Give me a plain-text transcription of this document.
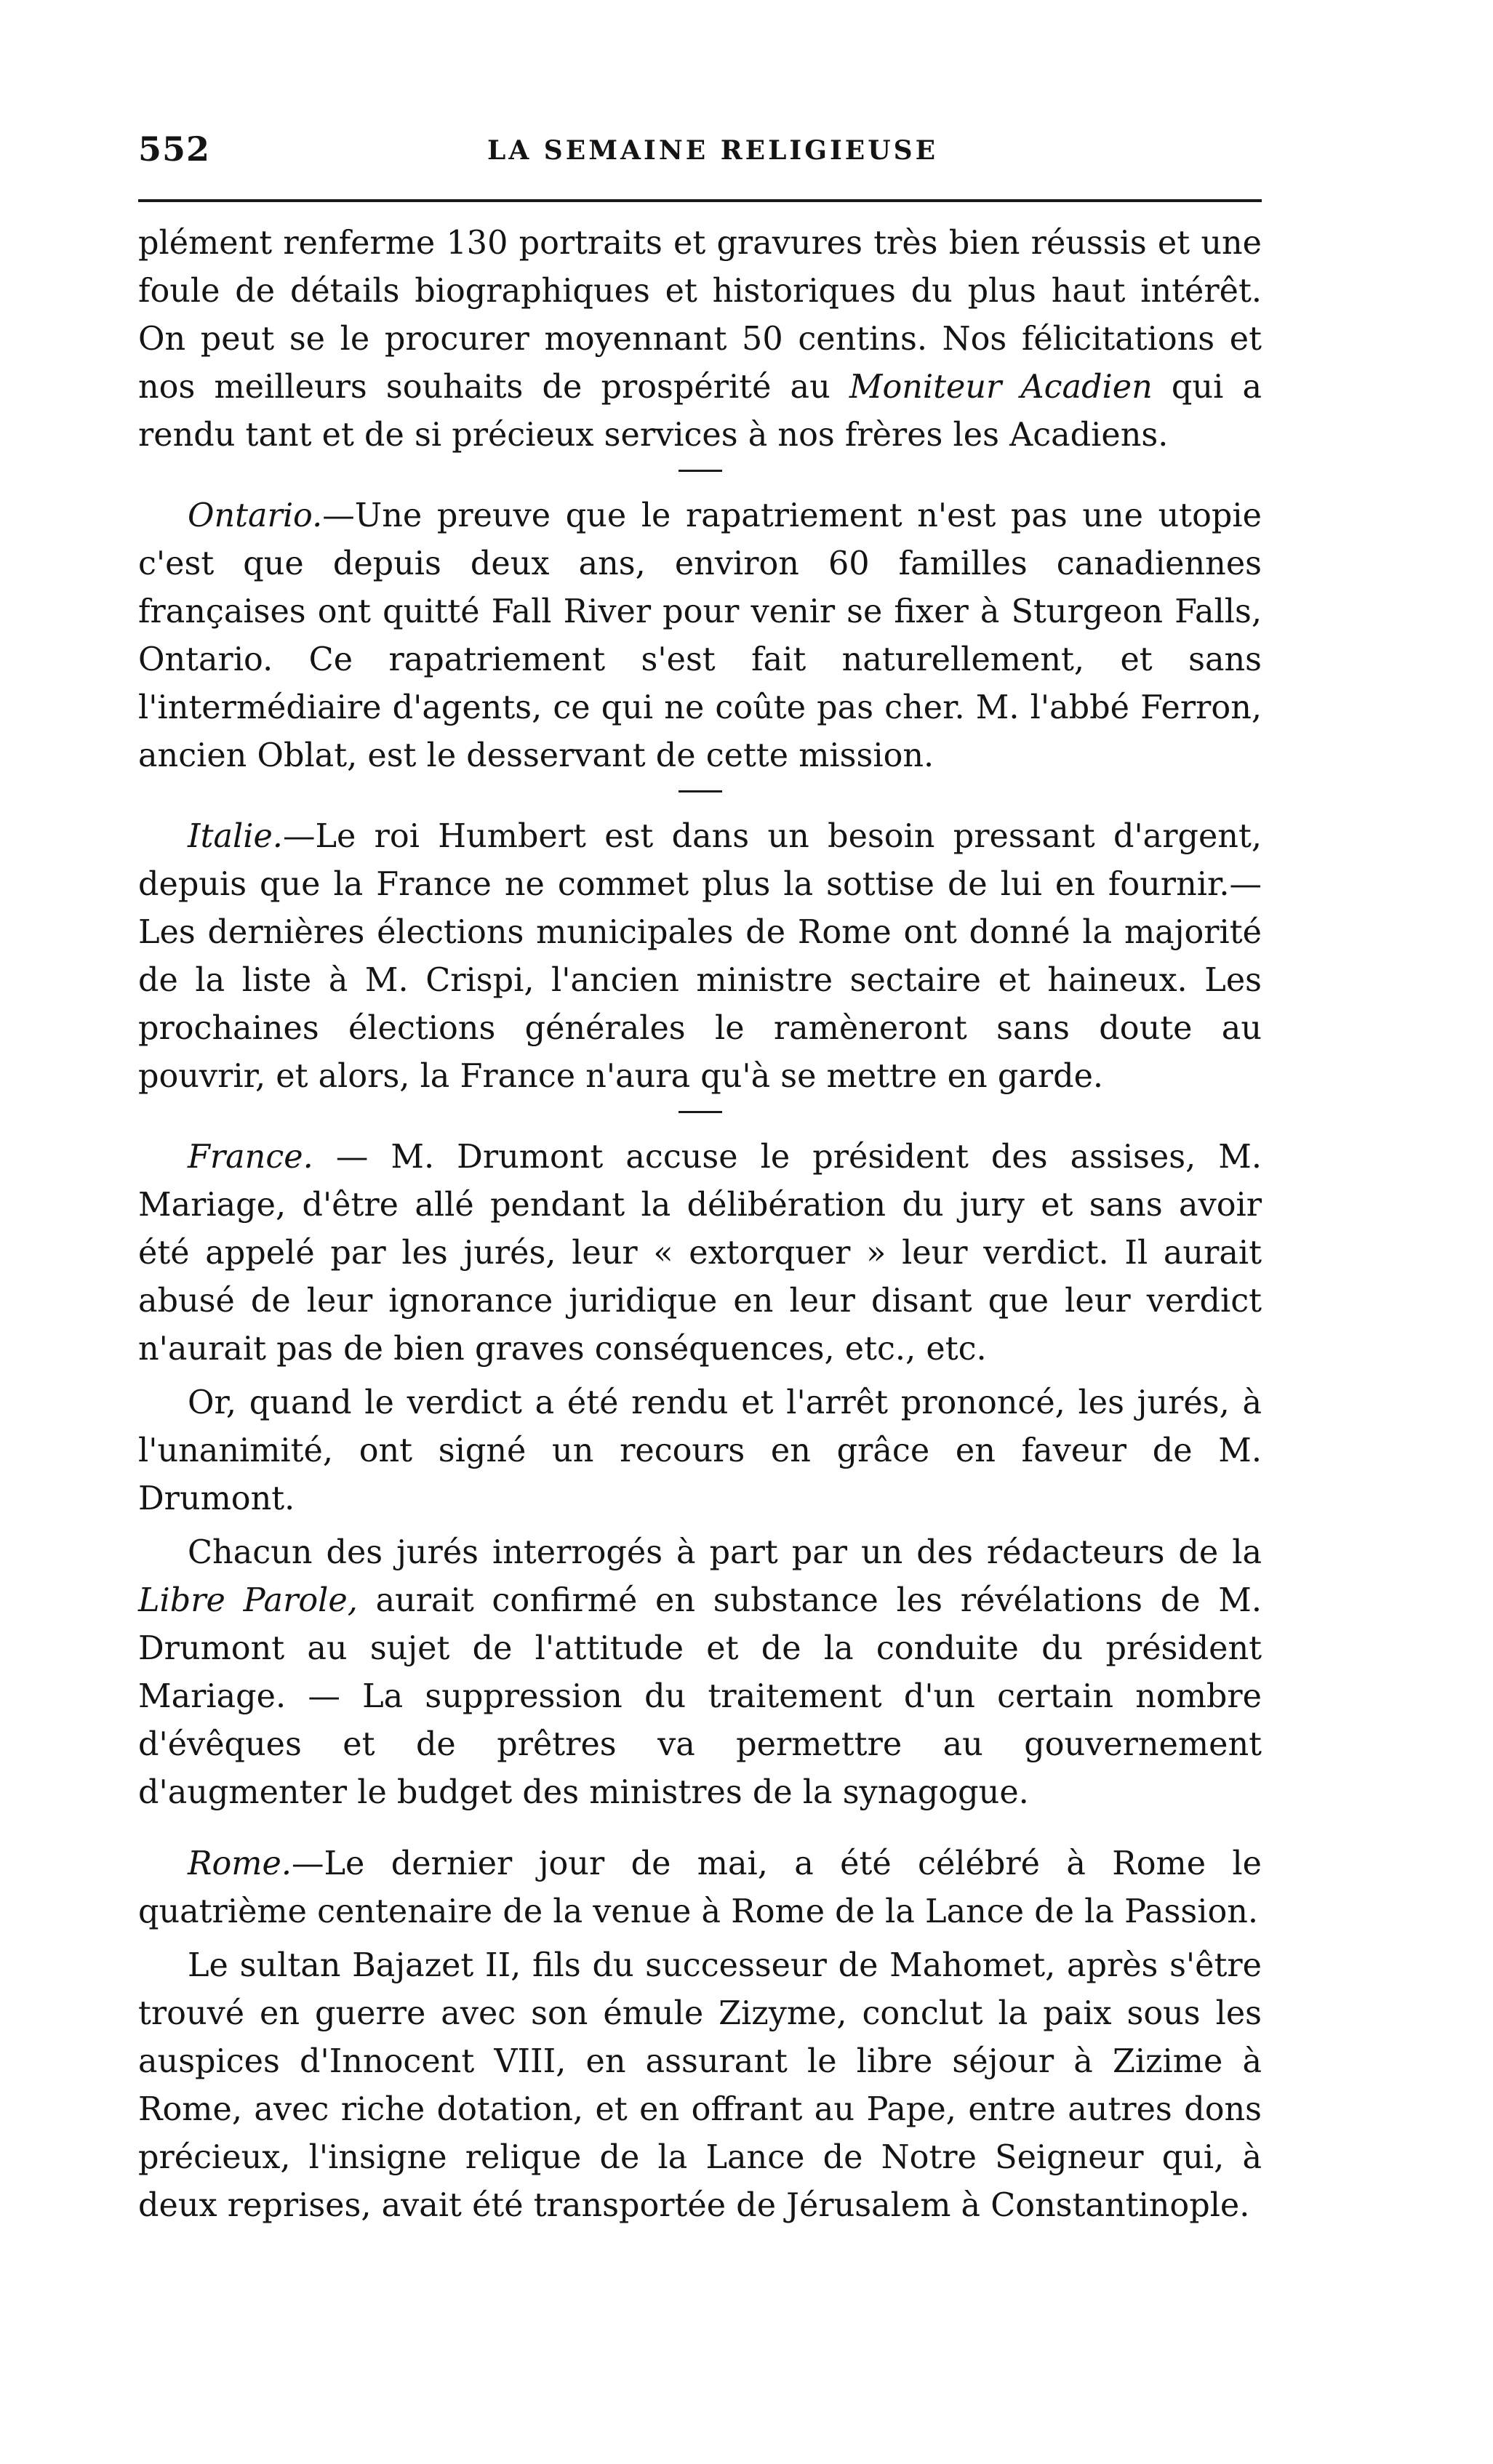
552	LA SEMAINE RELIGIEUSE

plément renferme 130 portraits et gravures très bien réussis et une foule de détails biographiques et historiques du plus haut intérêt. On peut se le procurer moyennant 50 centins. Nos félicitations et nos meilleurs souhaits de prospérité au Moniteur Acadien qui a rendu tant et de si précieux services à nos frères les Acadiens.

Ontario.—Une preuve que le rapatriement n'est pas une utopie c'est que depuis deux ans, environ 60 familles canadiennes françaises ont quitté Fall River pour venir se fixer à Sturgeon Falls, Ontario. Ce rapatriement s'est fait naturellement, et sans l'intermédiaire d'agents, ce qui ne coûte pas cher. M. l'abbé Ferron, ancien Oblat, est le desservant de cette mission.

Italie.—Le roi Humbert est dans un besoin pressant d'argent, depuis que la France ne commet plus la sottise de lui en fournir.— Les dernières élections municipales de Rome ont donné la majorité de la liste à M. Crispi, l'ancien ministre sectaire et haineux. Les prochaines élections générales le ramèneront sans doute au pouvrir, et alors, la France n'aura qu'à se mettre en garde.

France. — M. Drumont accuse le président des assises, M. Mariage, d'être allé pendant la délibération du jury et sans avoir été appelé par les jurés, leur « extorquer » leur verdict. Il aurait abusé de leur ignorance juridique en leur disant que leur verdict n'aurait pas de bien graves conséquences, etc., etc.

Or, quand le verdict a été rendu et l'arrêt prononcé, les jurés, à l'unanimité, ont signé un recours en grâce en faveur de M. Drumont.

Chacun des jurés interrogés à part par un des rédacteurs de la Libre Parole, aurait confirmé en substance les révélations de M. Drumont au sujet de l'attitude et de la conduite du président Mariage. — La suppression du traitement d'un certain nombre d'évêques et de prêtres va permettre au gouvernement d'augmenter le budget des ministres de la synagogue.

Rome.—Le dernier jour de mai, a été célébré à Rome le quatrième centenaire de la venue à Rome de la Lance de la Passion.

Le sultan Bajazet II, fils du successeur de Mahomet, après s'être trouvé en guerre avec son émule Zizyme, conclut la paix sous les auspices d'Innocent VIII, en assurant le libre séjour à Zizime à Rome, avec riche dotation, et en offrant au Pape, entre autres dons précieux, l'insigne relique de la Lance de Notre Seigneur qui, à deux reprises, avait été transportée de Jérusalem à Constantinople.
